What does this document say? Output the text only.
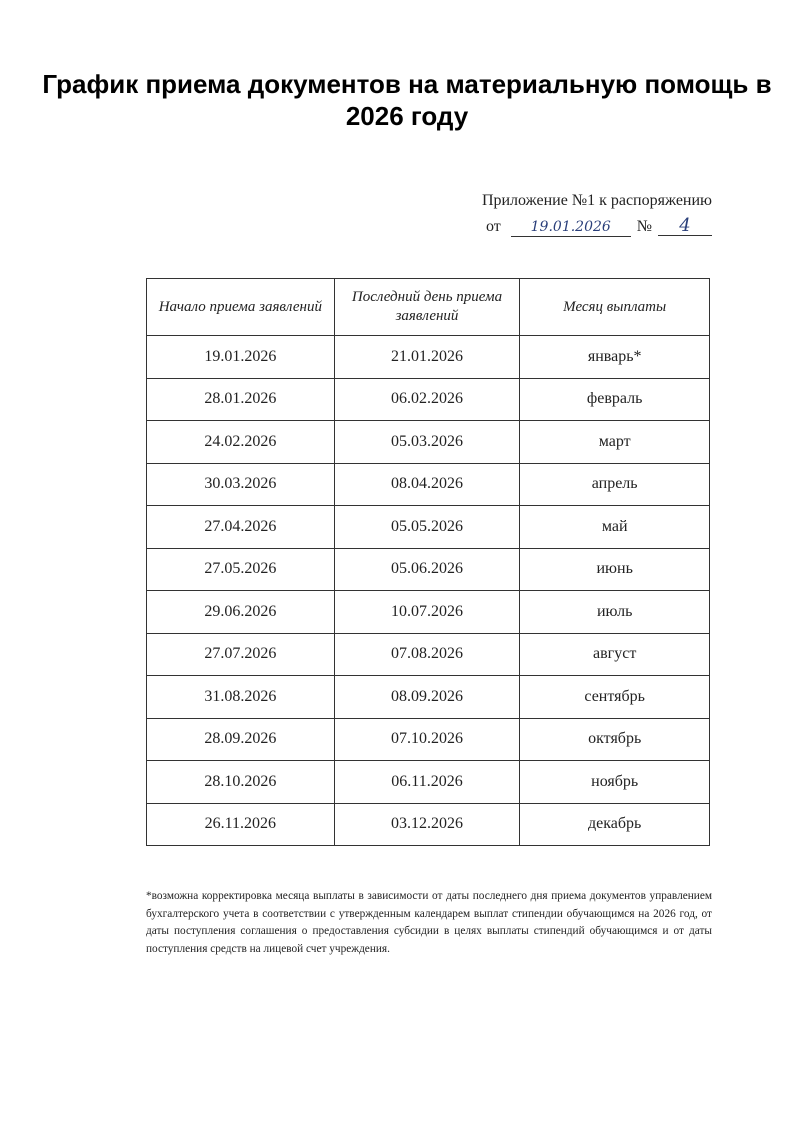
График приема документов на материальную помощь в 2026 году
Приложение №1 к распоряжению
от 19.01.2026 № 4
Начало приема заявлений	Последний день приема заявлений	Месяц выплаты
19.01.2026	21.01.2026	январь*
28.01.2026	06.02.2026	февраль
24.02.2026	05.03.2026	март
30.03.2026	08.04.2026	апрель
27.04.2026	05.05.2026	май
27.05.2026	05.06.2026	июнь
29.06.2026	10.07.2026	июль
27.07.2026	07.08.2026	август
31.08.2026	08.09.2026	сентябрь
28.09.2026	07.10.2026	октябрь
28.10.2026	06.11.2026	ноябрь
26.11.2026	03.12.2026	декабрь
*возможна корректировка месяца выплаты в зависимости от даты последнего дня приема документов управлением бухгалтерского учета в соответствии с утвержденным календарем выплат стипендии обучающимся на 2026 год, от даты поступления соглашения о предоставления субсидии в целях выплаты стипендий обучающимся и от даты поступления средств на лицевой счет учреждения.
